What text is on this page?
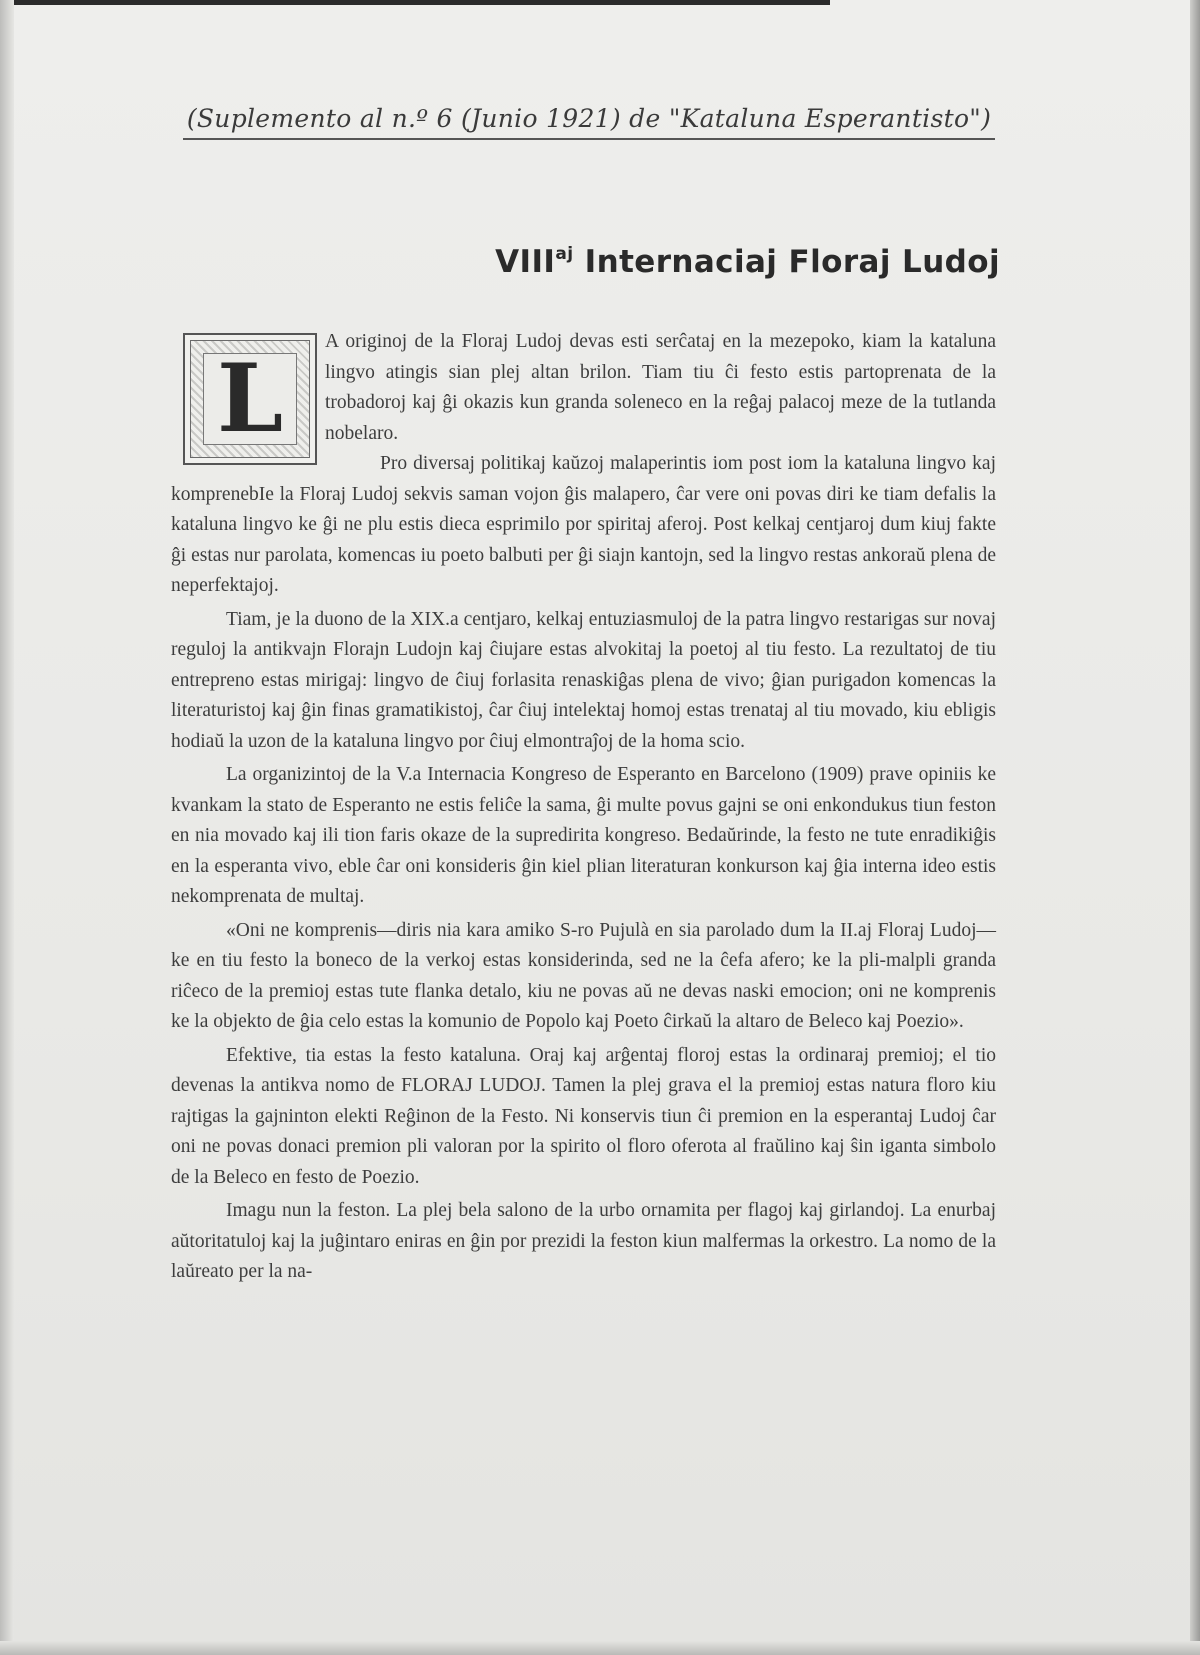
(Suplemento al n.º 6 (Junio 1921) de "Kataluna Esperantisto")
$VIII^{aj}$ Internaciaj Floraj Ludoj
L

A originoj de la Floraj Ludoj devas esti serĉataj en la mezepoko, kiam la kataluna lingvo atingis sian plej altan brilon. Tiam tiu ĉi festo estis partoprenata de la trobadoroj kaj ĝi okazis kun granda soleneco en la reĝaj palacoj meze de la tutlanda nobelaro.

Pro diversaj politikaj kaŭzoj malaperintis iom post iom la kataluna lingvo kaj komprenebIe la Floraj Ludoj sekvis saman vojon ĝis malapero, ĉar vere oni povas diri ke tiam defalis la kataluna lingvo ke ĝi ne plu estis diecа esprimilo por spiritaj aferoj. Post kelkaj centjaroj dum kiuj fakte ĝi estas nur parolata, komencas iu poeto balbuti per ĝi siajn kantojn, sed la lingvo restas ankoraŭ plena de neperfektajoj.

Tiam, je la duono de la XIX.a centjaro, kelkaj entuziasmuloj de la patra lingvo restarigas sur novaj reguloj la antikvajn Florajn Ludojn kaj ĉiujare estas alvokitaj la poetoj al tiu festo. La rezultatoj de tiu entrepreno estas mirigaj: lingvo de ĉiuj forlasita renaskiĝas plena de vivo; ĝian purigadon komencas la literaturistoj kaj ĝin finas gramatikistoj, ĉar ĉiuj intelektaj homoj estas trenataj al tiu movado, kiu ebligis hodiaŭ la uzon de la kataluna lingvo por ĉiuj elmontraĵoj de la homa scio.

La organizintoj de la V.a Internacia Kongreso de Esperanto en Barcelono (1909) prave opiniis ke kvankam la stato de Esperanto ne estis feliĉe la sama, ĝi multe povus gajni se oni enkondukus tiun feston en nia movado kaj ili tion faris okaze de la supredirita kongreso. Bedaŭrinde, la festo ne tute enradikiĝis en la esperanta vivo, eble ĉar oni konsideris ĝin kiel plian literaturan konkurson kaj ĝia interna ideo estis nekomprenata de multaj.

«Oni ne komprenis—diris nia kara amiko S-ro Pujulà en sia parolado dum la II.aj Floraj Ludoj—ke en tiu festo la boneco de la verkoj estas konsiderinda, sed ne la ĉefa afero; ke la pli-malpli granda riĉeco de la premioj estas tute flanka detalo, kiu ne povas aŭ ne devas naski emocion; oni ne komprenis ke la objekto de ĝia celo estas la komunio de Popolo kaj Poeto ĉirkaŭ la altaro de Beleco kaj Poezio».

Efektive, tia estas la festo kataluna. Oraj kaj arĝentaj floroj estas la ordinaraj premioj; el tio devenas la antikva nomo de FLORAJ LUDOJ. Tamen la plej grava el la premioj estas natura floro kiu rajtigas la gajninton elekti Reĝinon de la Festo. Ni konservis tiun ĉi premion en la esperantaj Ludoj ĉar oni ne povas donaci premion pli valoran por la spirito ol floro oferota al fraŭlino kaj ŝin iganta simbolo de la Beleco en festo de Poezio.

Imagu nun la feston. La plej bela salono de la urbo ornamita per flagoj kaj girlandoj. La enurbaj aŭtoritatuloj kaj la juĝintaro eniras en ĝin por prezidi la feston kiun malfermas la orkestro. La nomo de la laŭreato per la na-
